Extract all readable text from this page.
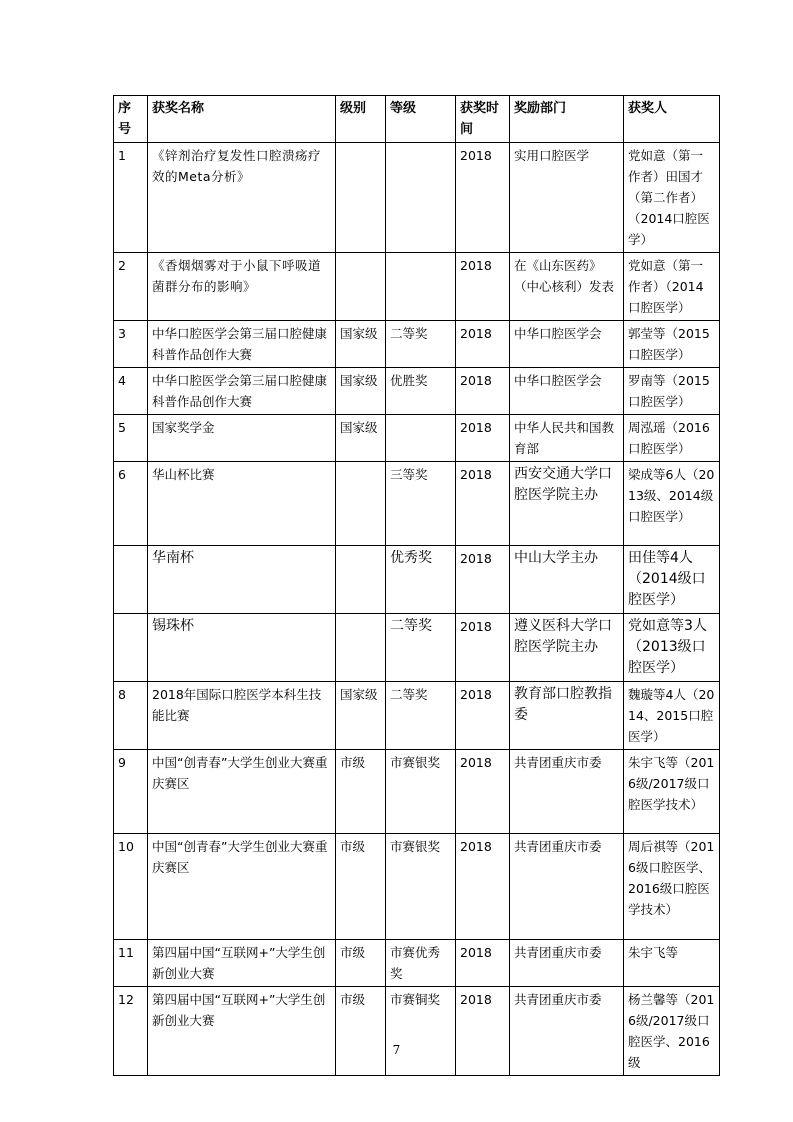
序号	获奖名称	级别	等级	获奖时间	奖励部门	获奖人
1	《锌剂治疗复发性口腔溃疡疗效的Meta分析》			2018	实用口腔医学	党如意（第一作者）田国才（第二作者）（2014口腔医学）
2	《香烟烟雾对于小鼠下呼吸道菌群分布的影响》			2018	在《山东医药》（中心核利）发表	党如意（第一作者）（2014口腔医学）
3	中华口腔医学会第三届口腔健康科普作品创作大赛	国家级	二等奖	2018	中华口腔医学会	郭莹等（2015口腔医学）
4	中华口腔医学会第三届口腔健康科普作品创作大赛	国家级	优胜奖	2018	中华口腔医学会	罗南等（2015口腔医学）
5	国家奖学金	国家级		2018	中华人民共和国教育部	周泓瑶（2016口腔医学）
6	华山杯比赛		三等奖	2018	西安交通大学口腔医学院主办	梁成等6人（2013级、2014级口腔医学）
	华南杯		优秀奖	2018	中山大学主办	田佳等4人（2014级口腔医学）
	锡珠杯		二等奖	2018	遵义医科大学口腔医学院主办	党如意等3人（2013级口腔医学）
8	2018年国际口腔医学本科生技能比赛	国家级	二等奖	2018	教育部口腔教指委	魏璇等4人（2014、2015口腔医学）
9	中国“创青春”大学生创业大赛重庆赛区	市级	市赛银奖	2018	共青团重庆市委	朱宇飞等（2016级/2017级口腔医学技术）
10	中国“创青春”大学生创业大赛重庆赛区	市级	市赛银奖	2018	共青团重庆市委	周后祺等（2016级口腔医学、2016级口腔医学技术）
11	第四届中国“互联网+”大学生创新创业大赛	市级	市赛优秀奖	2018	共青团重庆市委	朱宇飞等
12	第四届中国“互联网+”大学生创新创业大赛	市级	市赛铜奖	2018	共青团重庆市委	杨兰馨等（2016级/2017级口腔医学、2016级
7
